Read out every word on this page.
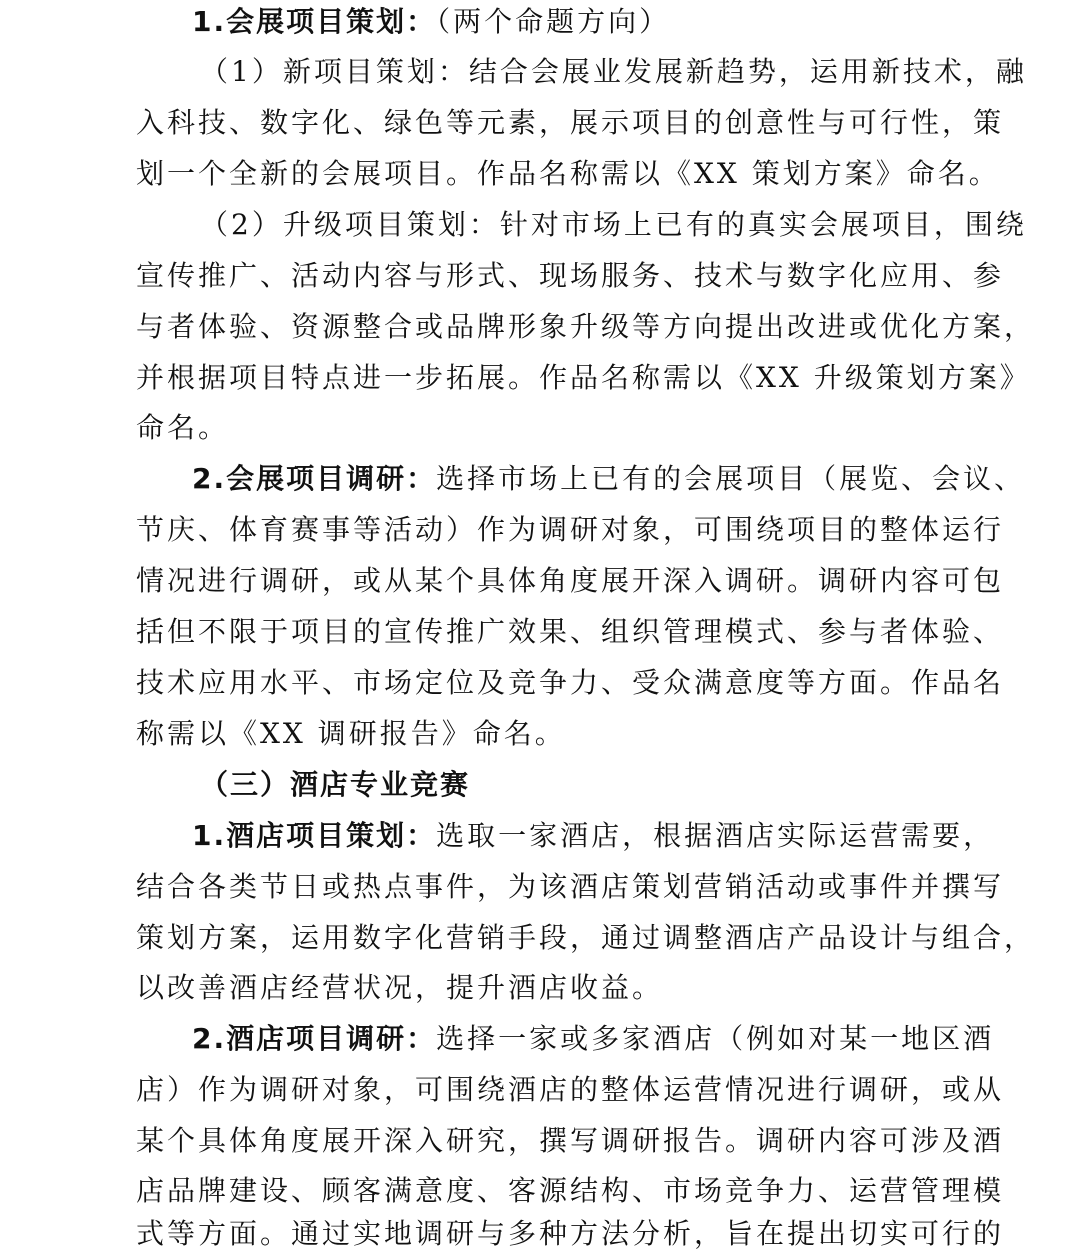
1.会展项目策划：（两个命题方向）
（1）新项目策划：结合会展业发展新趋势，运用新技术，融
入科技、数字化、绿色等元素，展示项目的创意性与可行性，策
划一个全新的会展项目。作品名称需以《XX 策划方案》命名。
（2）升级项目策划：针对市场上已有的真实会展项目，围绕
宣传推广、活动内容与形式、现场服务、技术与数字化应用、参
与者体验、资源整合或品牌形象升级等方向提出改进或优化方案，
并根据项目特点进一步拓展。作品名称需以《XX 升级策划方案》
命名。
2.会展项目调研：选择市场上已有的会展项目（展览、会议、
节庆、体育赛事等活动）作为调研对象，可围绕项目的整体运行
情况进行调研，或从某个具体角度展开深入调研。调研内容可包
括但不限于项目的宣传推广效果、组织管理模式、参与者体验、
技术应用水平、市场定位及竞争力、受众满意度等方面。作品名
称需以《XX 调研报告》命名。
（三）酒店专业竞赛
1.酒店项目策划：选取一家酒店，根据酒店实际运营需要，
结合各类节日或热点事件，为该酒店策划营销活动或事件并撰写
策划方案，运用数字化营销手段，通过调整酒店产品设计与组合，
以改善酒店经营状况，提升酒店收益。
2.酒店项目调研：选择一家或多家酒店（例如对某一地区酒
店）作为调研对象，可围绕酒店的整体运营情况进行调研，或从
某个具体角度展开深入研究，撰写调研报告。调研内容可涉及酒
店品牌建设、顾客满意度、客源结构、市场竞争力、运营管理模
式等方面。通过实地调研与多种方法分析，旨在提出切实可行的
